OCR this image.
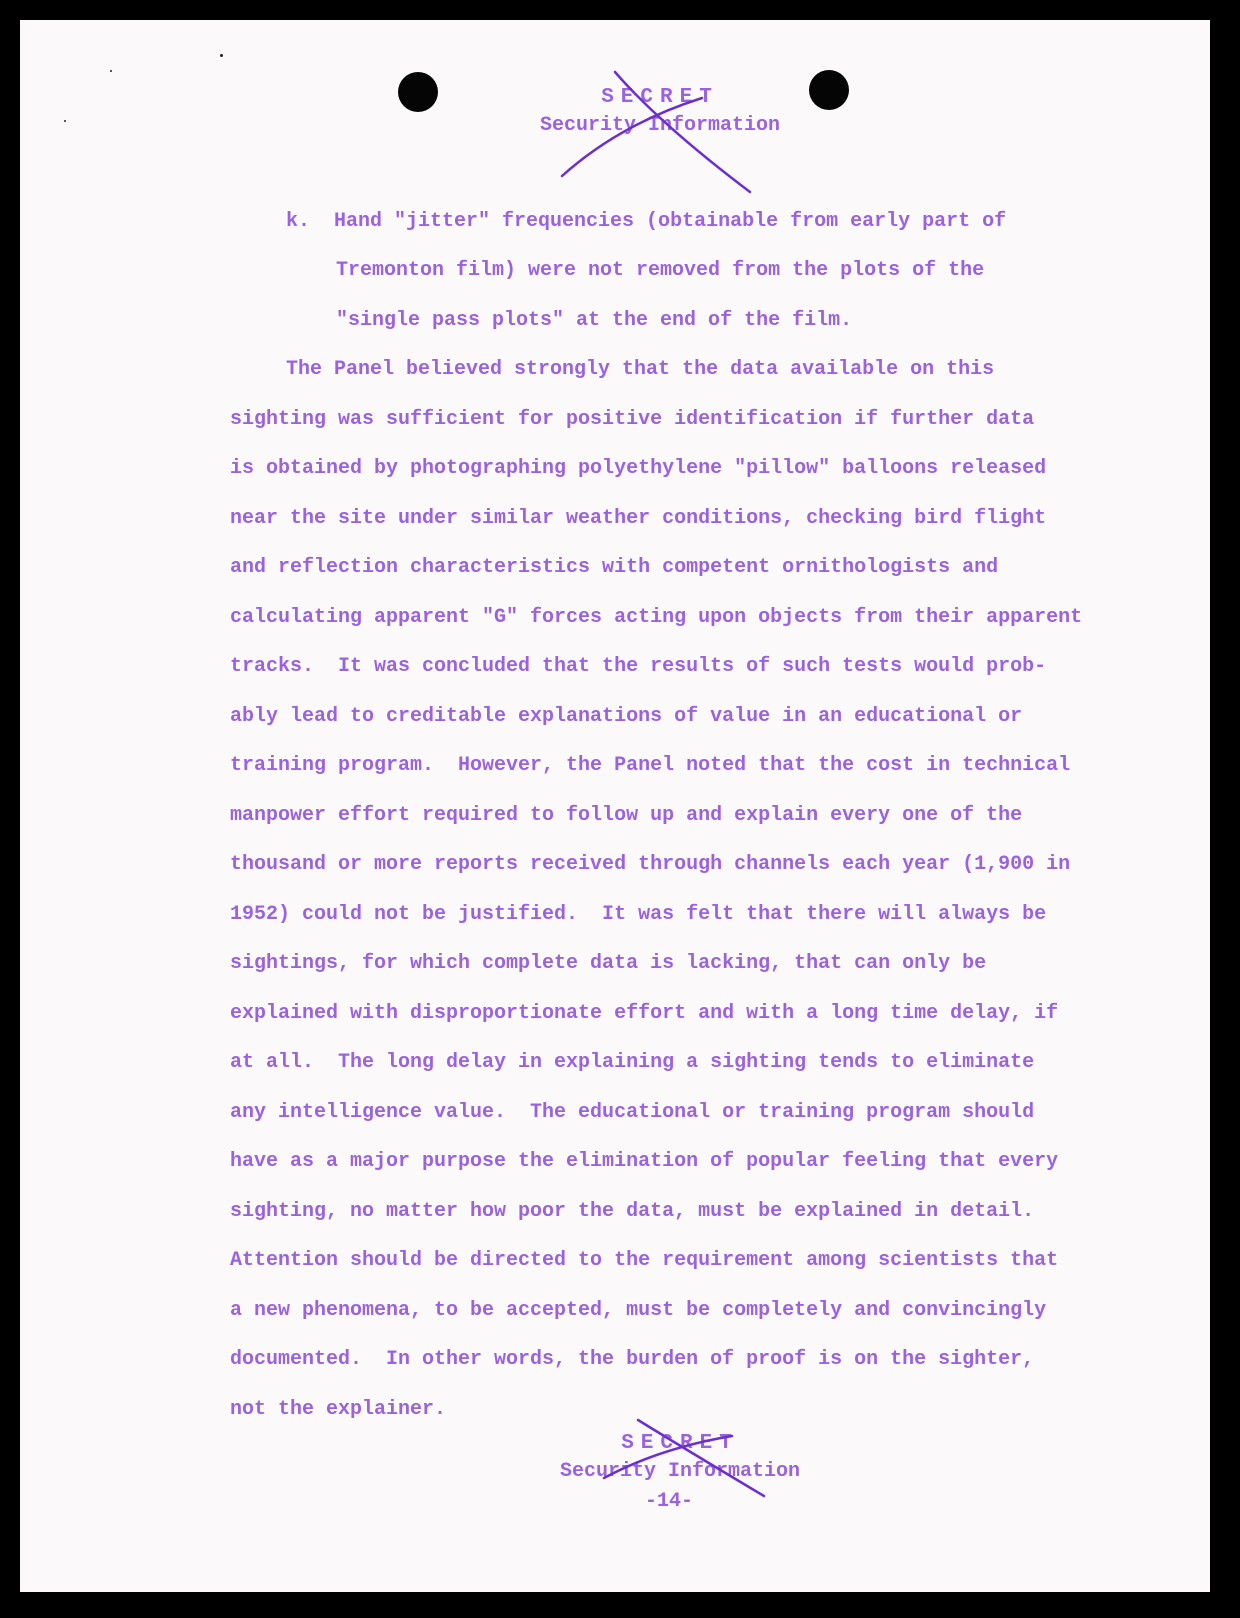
SECRET
Security Information
k.  Hand "jitter" frequencies (obtainable from early part of
Tremonton film) were not removed from the plots of the
"single pass plots" at the end of the film.
The Panel believed strongly that the data available on this
sighting was sufficient for positive identification if further data
is obtained by photographing polyethylene "pillow" balloons released
near the site under similar weather conditions, checking bird flight
and reflection characteristics with competent ornithologists and
calculating apparent "G" forces acting upon objects from their apparent
tracks.  It was concluded that the results of such tests would prob-
ably lead to creditable explanations of value in an educational or
training program.  However, the Panel noted that the cost in technical
manpower effort required to follow up and explain every one of the
thousand or more reports received through channels each year (1,900 in
1952) could not be justified.  It was felt that there will always be
sightings, for which complete data is lacking, that can only be
explained with disproportionate effort and with a long time delay, if
at all.  The long delay in explaining a sighting tends to eliminate
any intelligence value.  The educational or training program should
have as a major purpose the elimination of popular feeling that every
sighting, no matter how poor the data, must be explained in detail.
Attention should be directed to the requirement among scientists that
a new phenomena, to be accepted, must be completely and convincingly
documented.  In other words, the burden of proof is on the sighter,
not the explainer.
SECRET
Security Information
-14-
